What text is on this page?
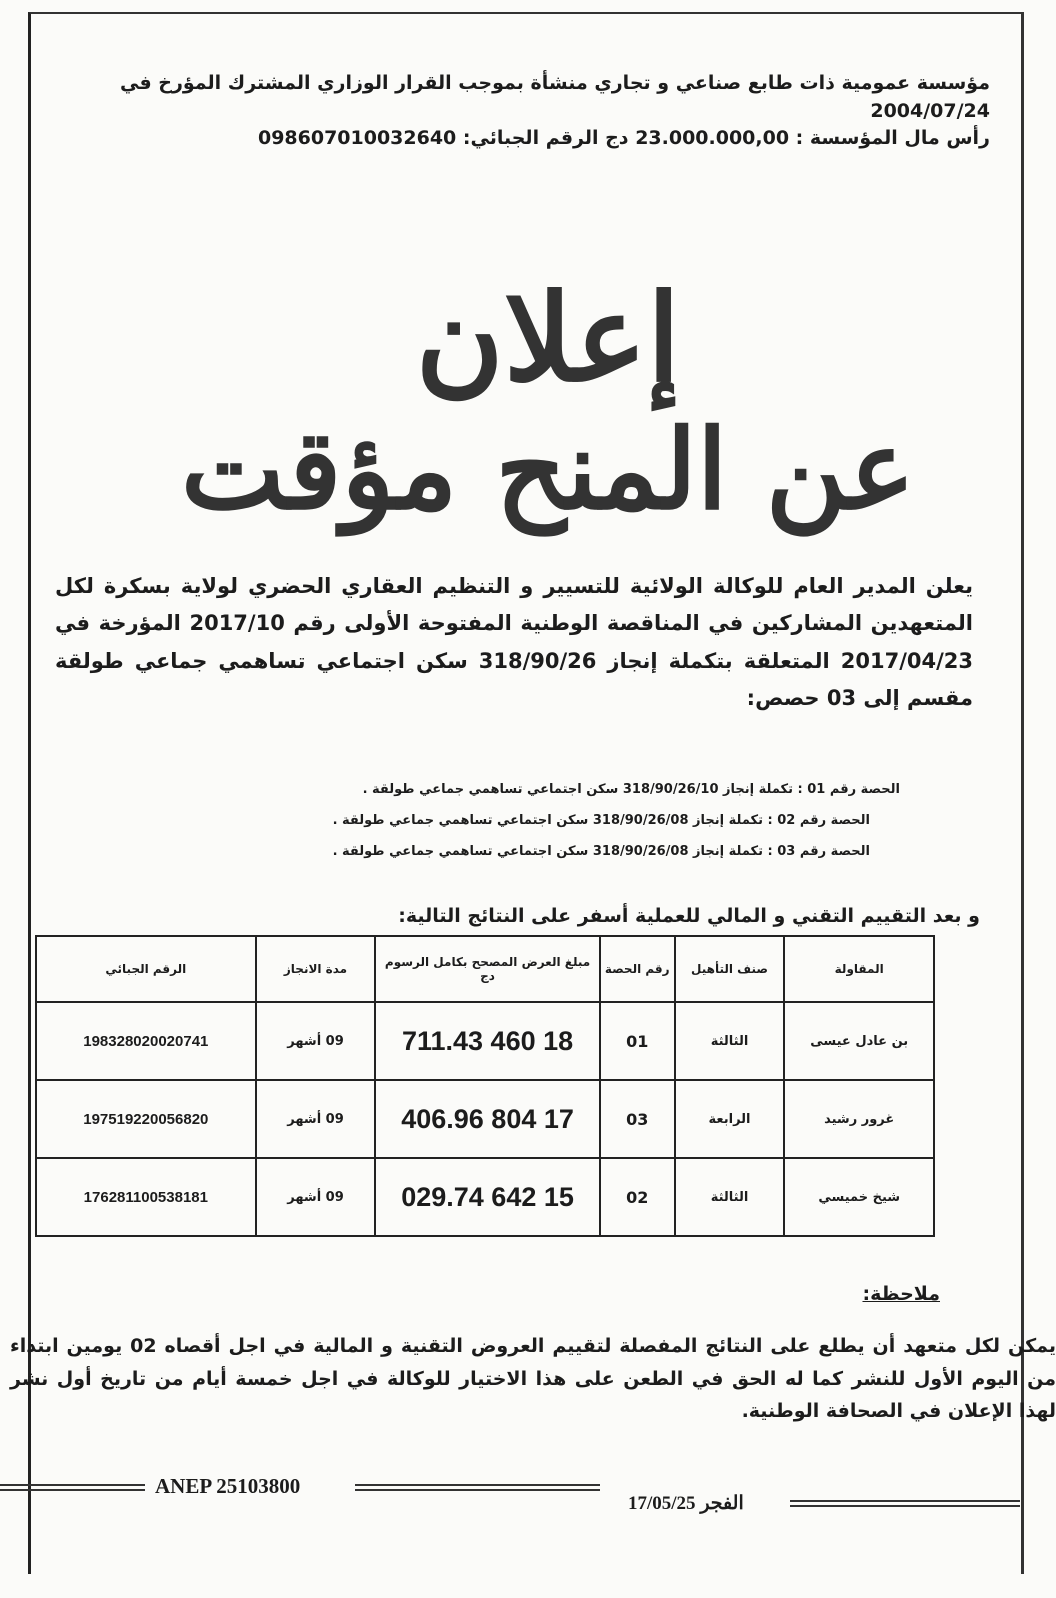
مؤسسة عمومية ذات طابع صناعي و تجاري منشأة بموجب القرار الوزاري المشترك المؤرخ في 2004/07/24
رأس مال المؤسسة : 23.000.000,00 دج الرقم الجبائي: 098607010032640
إعلان
عن المنح مؤقت
يعلن المدير العام للوكالة الولائية للتسيير و التنظيم العقاري الحضري لولاية بسكرة لكل المتعهدين المشاركين في المناقصة الوطنية المفتوحة الأولى رقم 2017/10 المؤرخة في 2017/04/23 المتعلقة بتكملة إنجاز 318/90/26 سكن اجتماعي تساهمي جماعي طولقة مقسم إلى 03 حصص:
الحصة رقم 01 : تكملة إنجاز 318/90/26/10 سكن اجتماعي تساهمي جماعي طولقة .
الحصة رقم 02 : تكملة إنجاز 318/90/26/08 سكن اجتماعي تساهمي جماعي طولقة .
الحصة رقم 03 : تكملة إنجاز 318/90/26/08 سكن اجتماعي تساهمي جماعي طولقة .
و بعد التقييم التقني و المالي للعملية أسفر على النتائج التالية:
المقاولة	صنف التأهيل	رقم الحصة	مبلغ العرض المصحح بكامل الرسوم دج	مدة الانجاز	الرقم الجبائي
بن عادل عيسى	الثالثة	01	18 460 711.43	09 أشهر	198328020020741
غرور رشيد	الرابعة	03	17 804 406.96	09 أشهر	197519220056820
شيخ خميسي	الثالثة	02	15 642 029.74	09 أشهر	176281100538181
ملاحظة:
يمكن لكل متعهد أن يطلع على النتائج المفصلة لتقييم العروض التقنية و المالية في اجل أقصاه 02 يومين ابتداء من اليوم الأول للنشر كما له الحق في الطعن على هذا الاختيار للوكالة في اجل خمسة أيام من تاريخ أول نشر لهذا الإعلان في الصحافة الوطنية.
ANEP 25103800
الفجر 17/05/25
